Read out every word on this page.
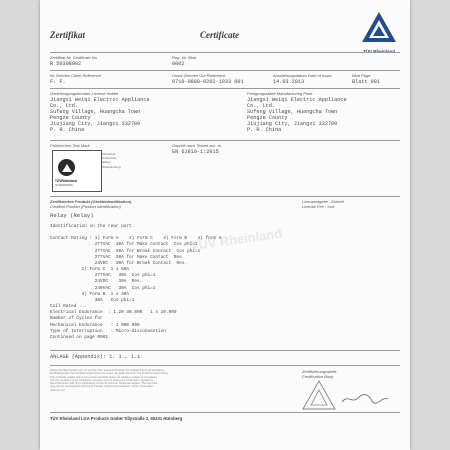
TÜV Rheinland
Zertifikat	Certificate
TÜV Rheinland
Zertifikat Nr. Certificate No.	Reg.-Nr. Blatt
R 50308002	0002
Ihr Zeichen Client Reference	Unser Zeichen Our Reference	Ausstellungsdatum Date of Issue	Blatt Page
F. F.	0710-0888-8202-1033 001	14.03.2013	Blatt 001
Genehmigungsinhaber License Holder	Fertigungsstätte Manufacturing Plant
Jiangxi Weiqi Electric Appliance
Co., Ltd.
Sufeng Village, Huangcha Town
Pengze County
Jiujiang City, Jiangxi 332700
P. R. China
Jiangxi Weiqi Electric Appliance
Co., Ltd.
Sufeng Village, Huangcha Town
Pengze County
Jiujiang City, Jiangxi 332700
P. R. China
Prüfzeichen Test Mark	Geprüft nach Tested acc. to
EN 61810-1:2015
TÜVRheinland
ID 0000000000
Sicherheit
Production
Safety
Überwachung
Zertifiziertes Produkt (Geräteidentifikation)
Certified Product (Product Identification)
Lizenzentgelte - Einheit
License Fee - Unit
Relay (Relay)
Identification on the rear part

Contact Rating : 1) Form A    2) Form C    3) Form B    4) form A
277VAC  30A for Make Contact  Cos phi=1
277VAC  30A for Break Contact  Cos phi=1
277VAC  30A for Make Contact  Res.
24VDC   30A for Break Contact  Res.
2) Form C  1 x 50A
277VAC   30A  Cos phi=1
24VDC    30A  Res.
240VAC   30A  Cos phi=1
3) Form B  1 x 30A
30A   Cos phi=1
Coil Rated ...
Electrical Endurance  : 1.20 30.000   1 x 10.000
Number of Cycles for
Mechanical Endurance   : 1 000 000
Type of Interruption   : Micro-disconnection
Continued on page 0001
ANLAGE (Appendix): 1. 1., 1.1
Dieses Zertifikat bezieht sich nur auf das oben genannte Produkt. Die Gültigkeit setzt die Einhaltung
der Bedingungen des Zertifizierungsprogramms voraus. Es gelten die Prüf- und Zertifizierungsordnung.
This certificate relates only to the product specified above. Its validity is subject to compliance
with the conditions of the certification program and the testing and certification regulations.
Das Prüfzeichen darf nur in Verbindung mit der ID-Nummer verwendet werden. The test mark
may only be used together with the ID number. Weitere Informationen / further information:
www.tuv.com
Zertifizierungsstelle
Certification Body
TÜV Rheinland LGA Products GmbH Tillystraße 2, 90431 Nürnberg
